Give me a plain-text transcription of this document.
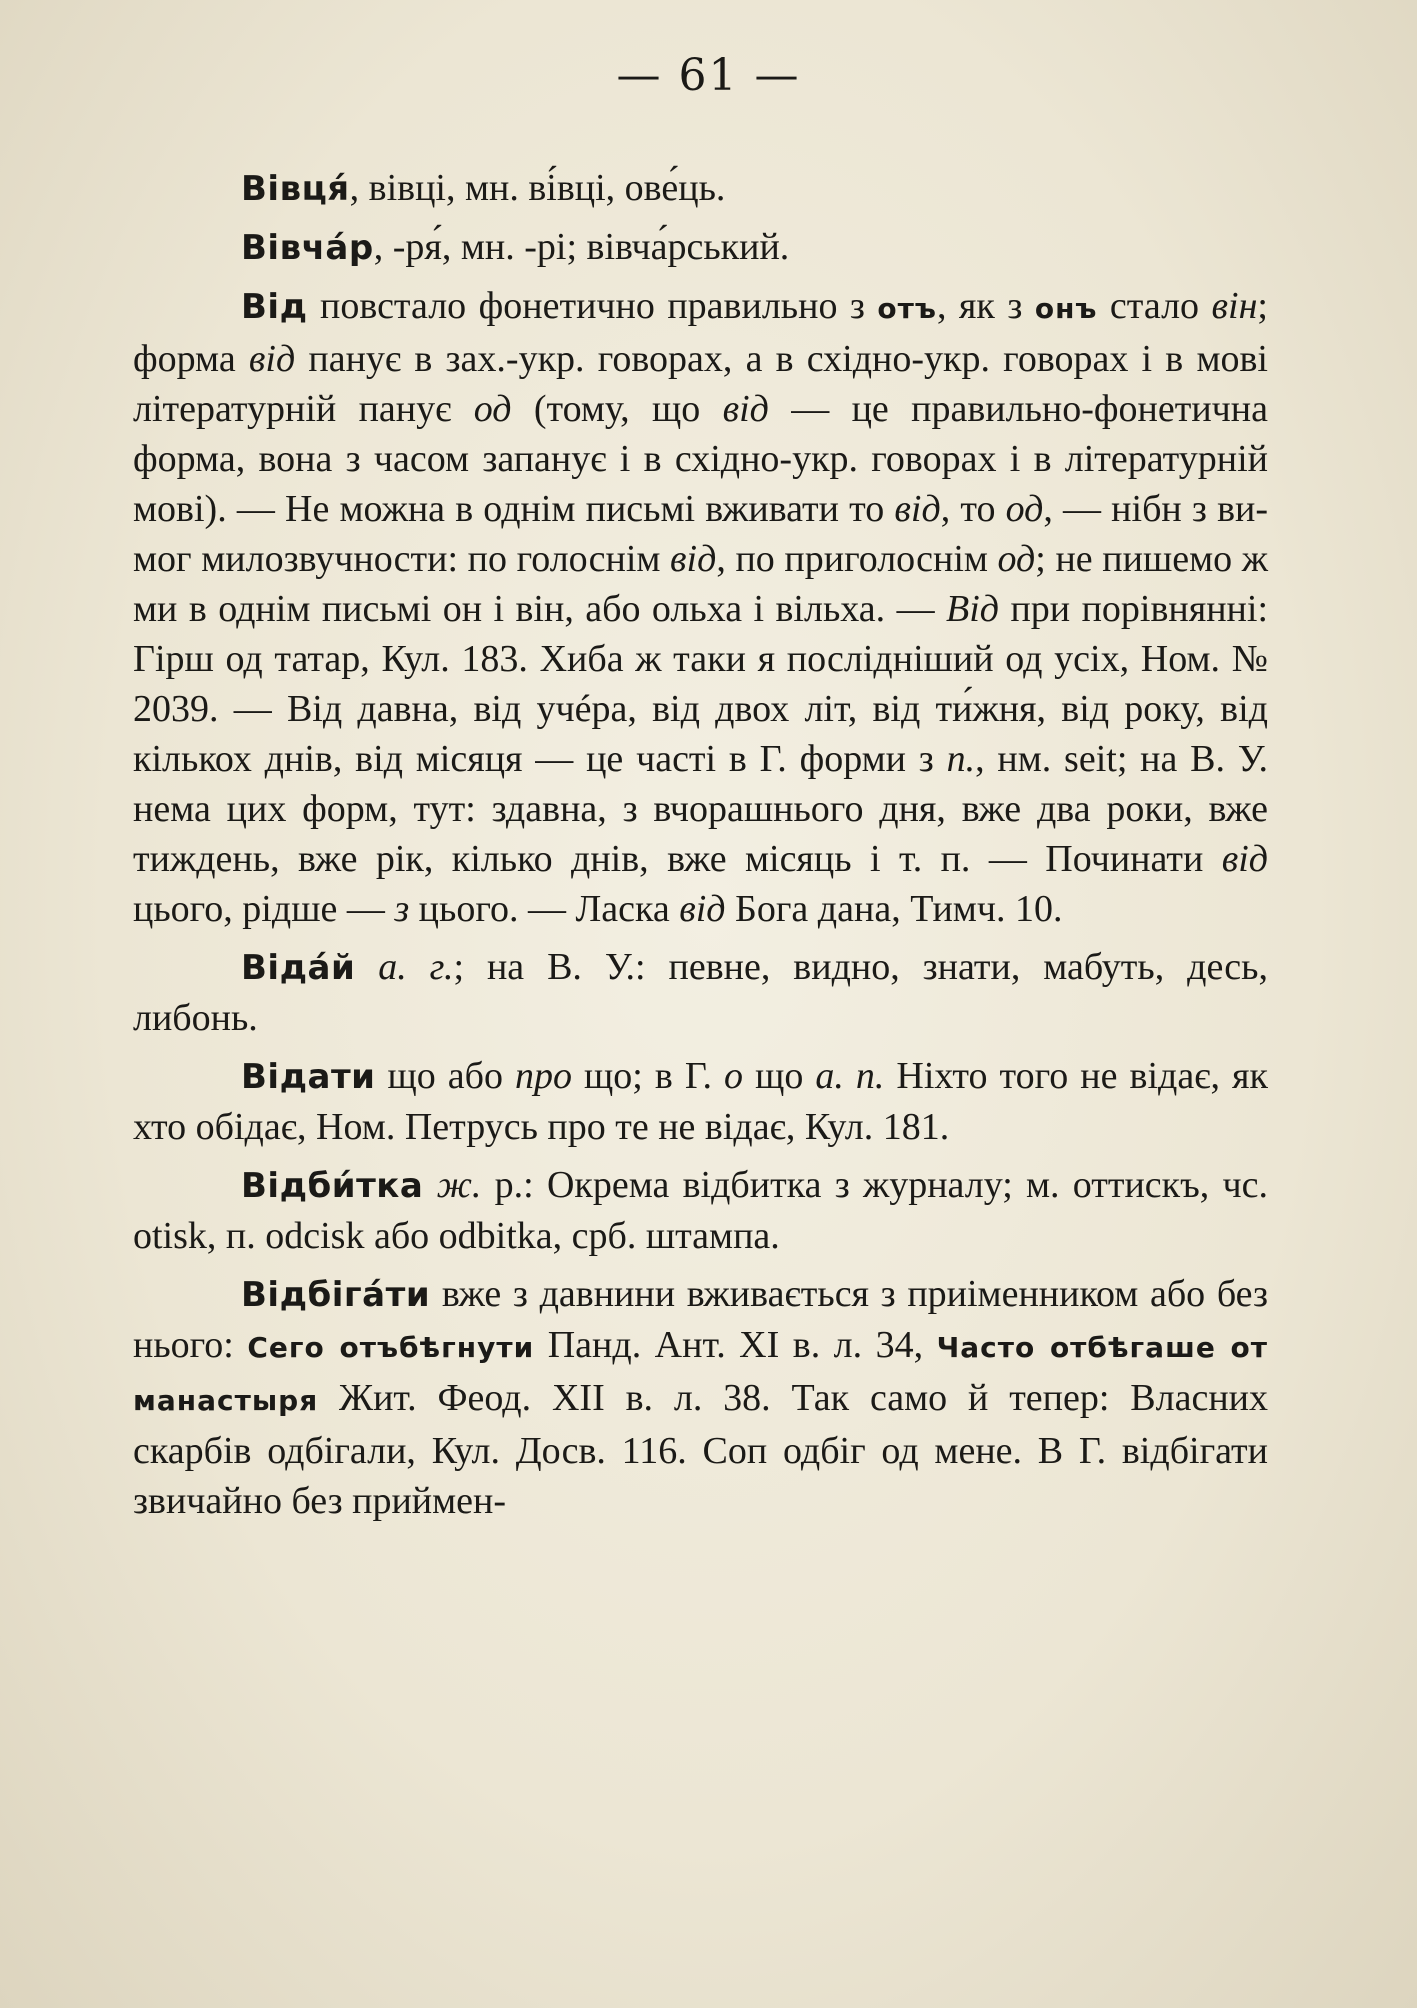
— 61 —
Вівця́, вівці, мн. ві́вці, ове́ць.
Вівча́р, -ря́, мн. -рі; вівча́рський.
Від повстало фонетично правильно з отъ, як з онъ стало він; форма від панує в зах.-укр. говорах, а в східно-укр. говорах і в мові літературній панує од (тому, що від — це правильно-фонетична форма, вона з часом запанує і в східно-укр. говорах і в літературній мові). — Не можна в однім письмі вживати то від, то од, — нібн з вимог милозвучности: по голоснім від, по приголоснім од; не пишемо ж ми в однім письмі он і він, або ольха і вільха. — Від при порівнянні: Гірш од татар, Кул. 183. Хиба ж таки я послідніший од усіх, Ном. № 2039. — Від давна, від учéра, від двох літ, від ти́жня, від року, від кількох днів, від місяця — це часті в Г. форми з п., нм. seit; на В. У. нема цих форм, тут: здавна, з вчорашнього дня, вже два роки, вже тиждень, вже рік, кілько днів, вже місяць і т. п. — Починати від цього, рідше — з цього. — Ласка від Бога дана, Тимч. 10.
Віда́й а. г.; на В. У.: певне, видно, знати, мабуть, десь, либонь.
Відати що або про що; в Г. о що а. п. Ніхто того не відає, як хто обідає, Ном. Петрусь про те не відає, Кул. 181.
Відби́тка ж. р.: Окрема відбитка з журналу; м. оттискъ, чс. otisk, п. odcisk або odbitka, срб. штампа.
Відбіга́ти вже з давнини вживається з приіменником або без нього: Сего отъбѣгнути Панд. Ант. XI в. л. 34, Часто отбѣгаше от манастыря Жит. Феод. XII в. л. 38. Так само й тепер: Власних скарбів одбігали, Кул. Досв. 116. Соп одбіг од мене. В Г. відбігати звичайно без приймен-
